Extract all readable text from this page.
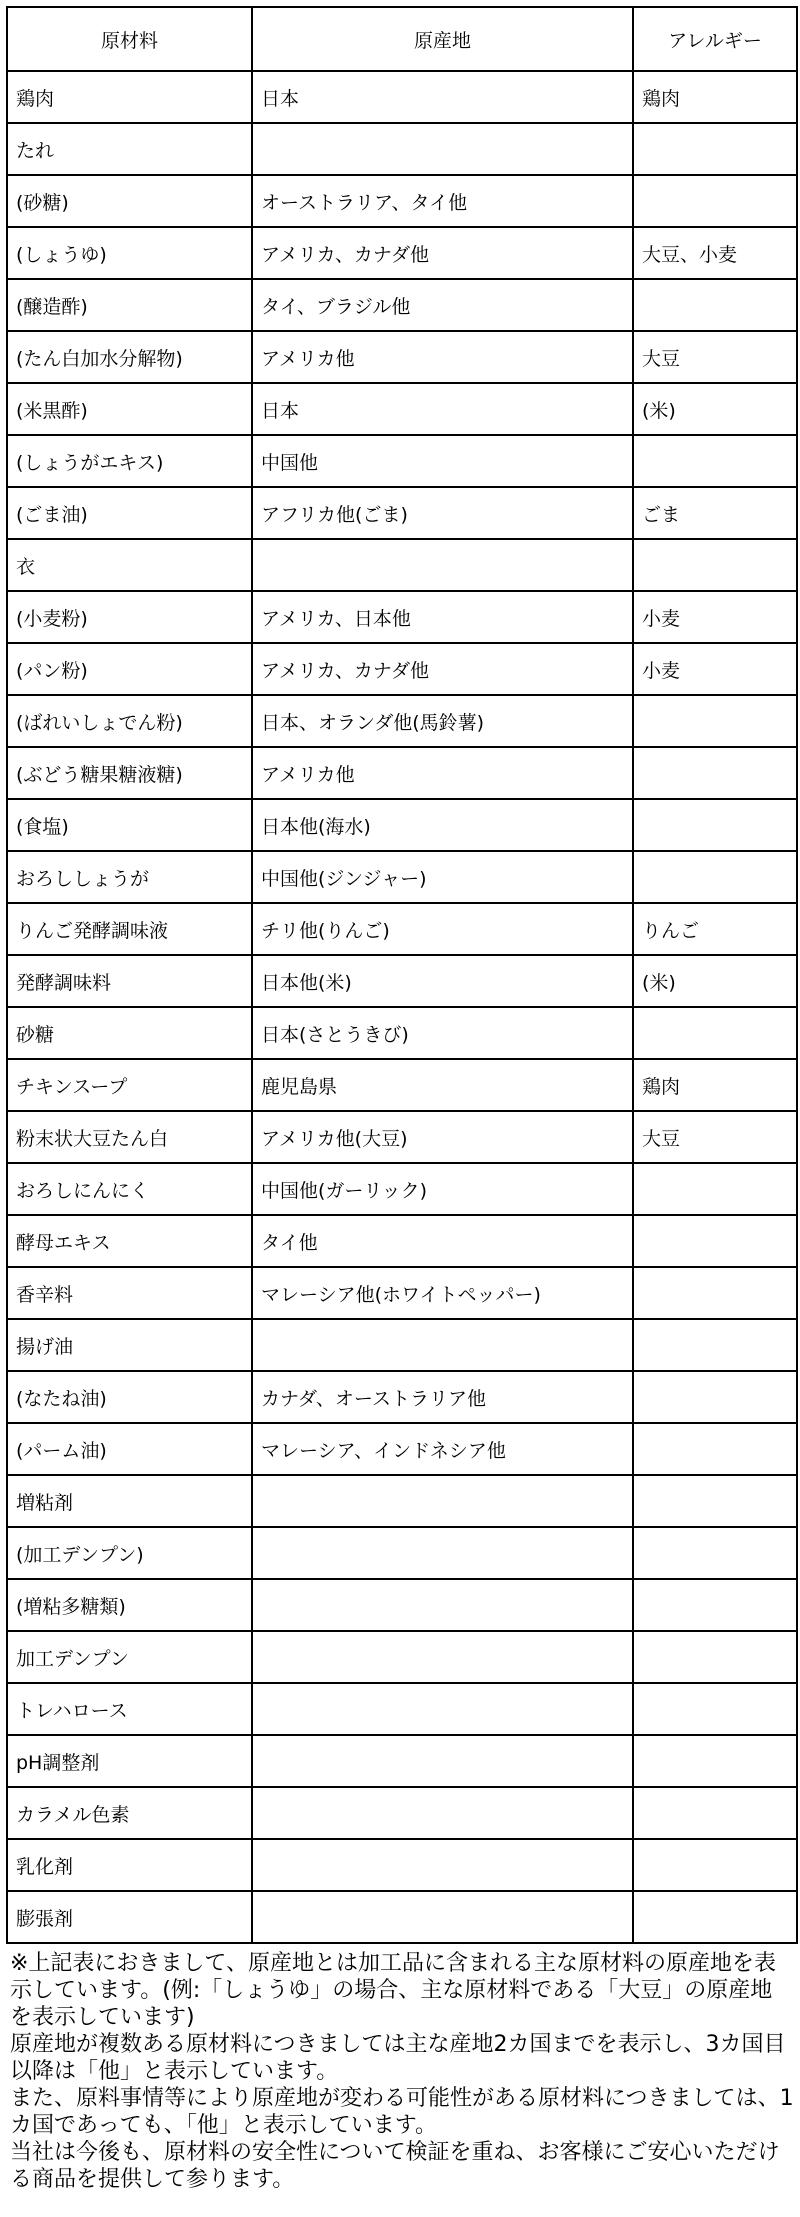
原材料	原産地	アレルギー
鶏肉	日本	鶏肉
たれ		
(砂糖)	オーストラリア、タイ他	
(しょうゆ)	アメリカ、カナダ他	大豆、小麦
(醸造酢)	タイ、ブラジル他	
(たん白加水分解物)	アメリカ他	大豆
(米黒酢)	日本	(米)
(しょうがエキス)	中国他	
(ごま油)	アフリカ他(ごま)	ごま
衣		
(小麦粉)	アメリカ、日本他	小麦
(パン粉)	アメリカ、カナダ他	小麦
(ばれいしょでん粉)	日本、オランダ他(馬鈴薯)	
(ぶどう糖果糖液糖)	アメリカ他	
(食塩)	日本他(海水)	
おろししょうが	中国他(ジンジャー)	
りんご発酵調味液	チリ他(りんご)	りんご
発酵調味料	日本他(米)	(米)
砂糖	日本(さとうきび)	
チキンスープ	鹿児島県	鶏肉
粉末状大豆たん白	アメリカ他(大豆)	大豆
おろしにんにく	中国他(ガーリック)	
酵母エキス	タイ他	
香辛料	マレーシア他(ホワイトペッパー)	
揚げ油		
(なたね油)	カナダ、オーストラリア他	
(パーム油)	マレーシア、インドネシア他	
増粘剤		
(加工デンプン)		
(増粘多糖類)		
加工デンプン		
トレハロース		
pH調整剤		
カラメル色素		
乳化剤		
膨張剤		

※上記表におきまして、原産地とは加工品に含まれる主な原材料の原産地を表示しています。(例:「しょうゆ」の場合、主な原材料である「大豆」の原産地を表示しています)

原産地が複数ある原材料につきましては主な産地2カ国までを表示し、3カ国目以降は「他」と表示しています。

また、原料事情等により原産地が変わる可能性がある原材料につきましては、1カ国であっても、「他」と表示しています。

当社は今後も、原材料の安全性について検証を重ね、お客様にご安心いただける商品を提供して参ります。
